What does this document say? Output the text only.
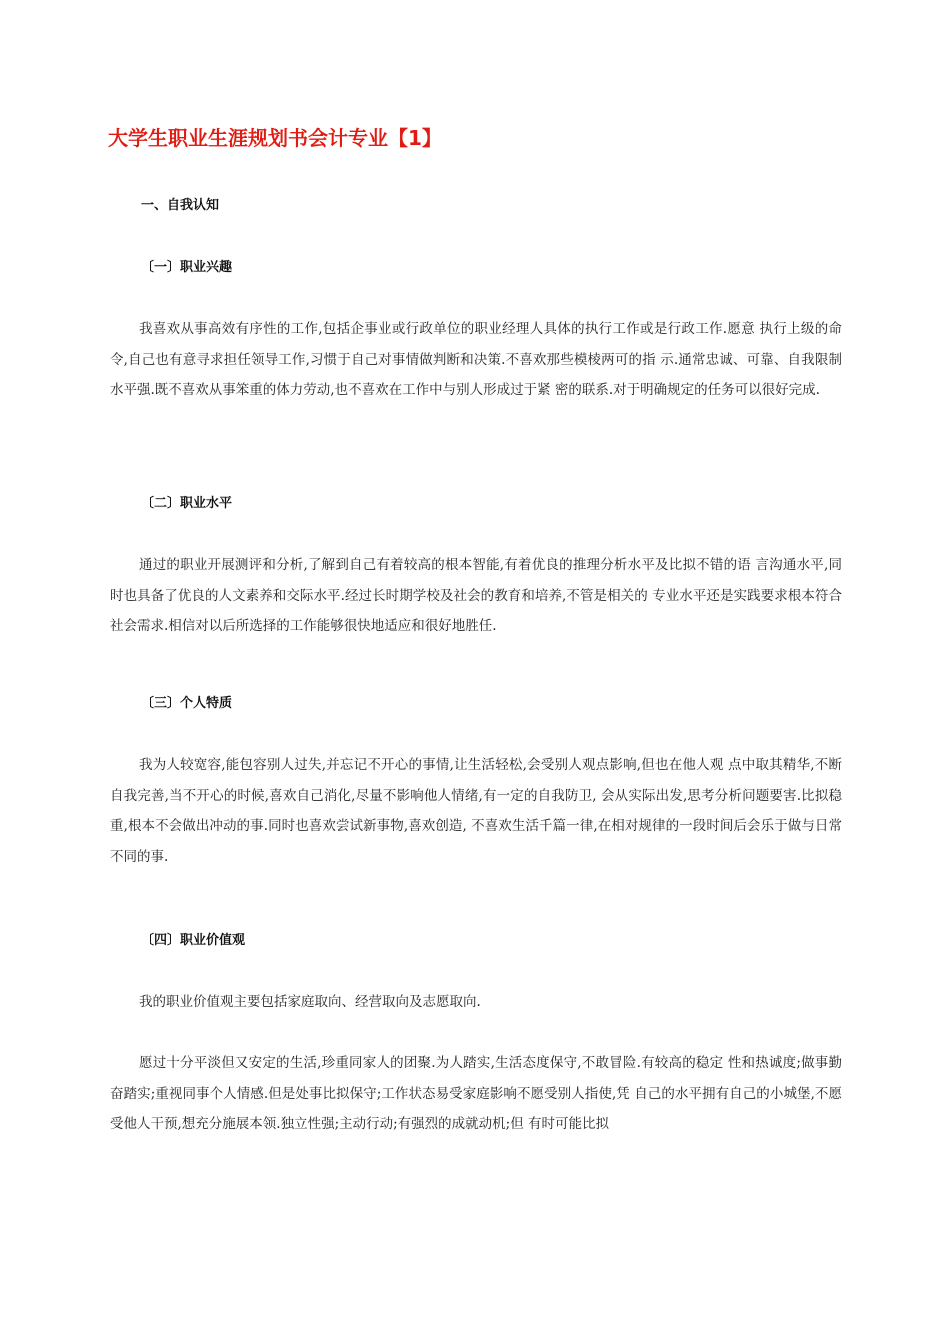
大学生职业生涯规划书会计专业【1】
一、自我认知
〔一〕职业兴趣

我喜欢从事高效有序性的工作,包括企事业或行政单位的职业经理人具体的执行工作或是行政工作.愿意 执行上级的命令,自己也有意寻求担任领导工作,习惯于自己对事情做判断和决策.不喜欢那些模棱两可的指 示.通常忠诚、可靠、自我限制水平强.既不喜欢从事笨重的体力劳动,也不喜欢在工作中与别人形成过于紧 密的联系.对于明确规定的任务可以很好完成.

〔二〕职业水平

通过的职业开展测评和分析,了解到自己有着较高的根本智能,有着优良的推理分析水平及比拟不错的语 言沟通水平,同时也具备了优良的人文素养和交际水平.经过长时期学校及社会的教育和培养,不管是相关的 专业水平还是实践要求根本符合社会需求.相信对以后所选择的工作能够很快地适应和很好地胜任.

〔三〕个人特质

我为人较宽容,能包容别人过失,并忘记不开心的事情,让生活轻松,会受别人观点影响,但也在他人观 点中取其精华,不断自我完善,当不开心的时候,喜欢自己消化,尽量不影响他人情绪,有一定的自我防卫, 会从实际出发,思考分析问题要害.比拟稳重,根本不会做出冲动的事.同时也喜欢尝试新事物,喜欢创造, 不喜欢生活千篇一律,在相对规律的一段时间后会乐于做与日常不同的事.

〔四〕职业价值观

我的职业价值观主要包括家庭取向、经营取向及志愿取向.

愿过十分平淡但又安定的生活,珍重同家人的团聚.为人踏实,生活态度保守,不敢冒险.有较高的稳定 性和热诚度;做事勤奋踏实;重视同事个人情感.但是处事比拟保守;工作状态易受家庭影响不愿受别人指使,凭 自己的水平拥有自己的小城堡,不愿受他人干预,想充分施展本领.独立性强;主动行动;有强烈的成就动机;但 有时可能比拟
